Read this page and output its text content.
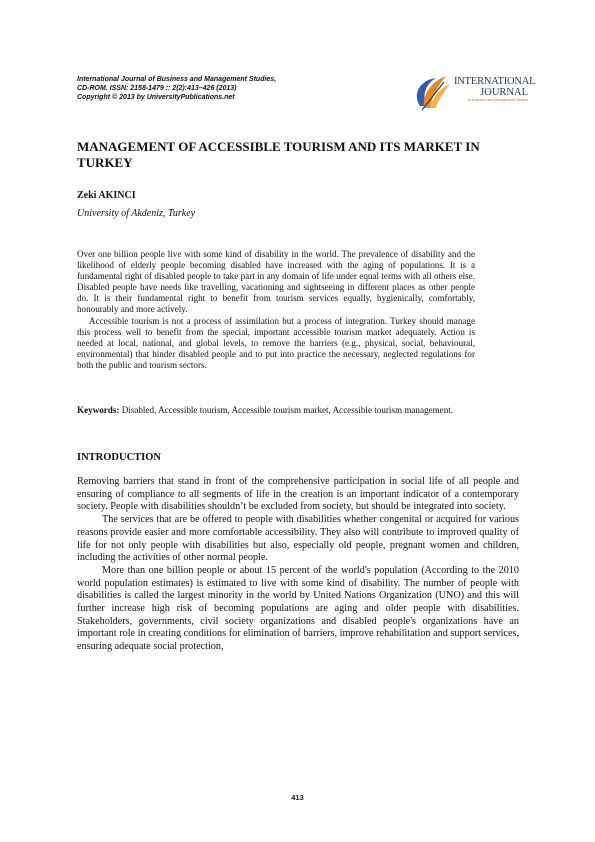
International Journal of Business and Management Studies,
CD-ROM. ISSN: 2158-1479 :: 2(2):413–426 (2013)
Copyright © 2013 by UniversityPublications.net
INTERNATIONAL
JOURNAL
of Business and Management Studies
MANAGEMENT OF ACCESSIBLE TOURISM AND ITS MARKET IN TURKEY
Zeki AKINCI
University of Akdeniz, Turkey

Over one billion people live with some kind of disability in the world. The prevalence of disability and the likelihood of elderly people becoming disabled have increased with the aging of populations. It is a fundamental right of disabled people to take part in any domain of life under equal terms with all others else. Disabled people have needs like travelling, vacationing and sightseeing in different places as other people do. It is their fundamental right to benefit from tourism services equally, hygienically, comfortably, honourably and more actively.

Accessible tourism is not a process of assimilation but a process of integration. Turkey should manage this process well to benefit from the special, important accessible tourism market adequately. Action is needed at local, national, and global levels, to remove the barriers (e.g., physical, social, behavioural, environmental) that hinder disabled people and to put into practice the necessary, neglected regulations for both the public and tourism sectors.

Keywords: Disabled, Accessible tourism, Accessible tourism market, Accessible tourism management.
INTRODUCTION

Removing barriers that stand in front of the comprehensive participation in social life of all people and ensuring of compliance to all segments of life in the creation is an important indicator of a contemporary society. People with disabilities shouldn’t be excluded from society, but should be integrated into society.

The services that are be offered to people with disabilities whether congenital or acquired for various reasons provide easier and more comfortable accessibility. They also will contribute to improved quality of life for not only people with disabilities but also, especially old people, pregnant women and children, including the activities of other normal people.

More than one billion people or about 15 percent of the world's population (According to the 2010 world population estimates) is estimated to live with some kind of disability. The number of people with disabilities is called the largest minority in the world by United Nations Organization (UNO) and this will further increase high risk of becoming populations are aging and older people with disabilities. Stakeholders, governments, civil society organizations and disabled people's organizations have an important role in creating conditions for elimination of barriers, improve rehabilitation and support services, ensuring adequate social protection,

413
